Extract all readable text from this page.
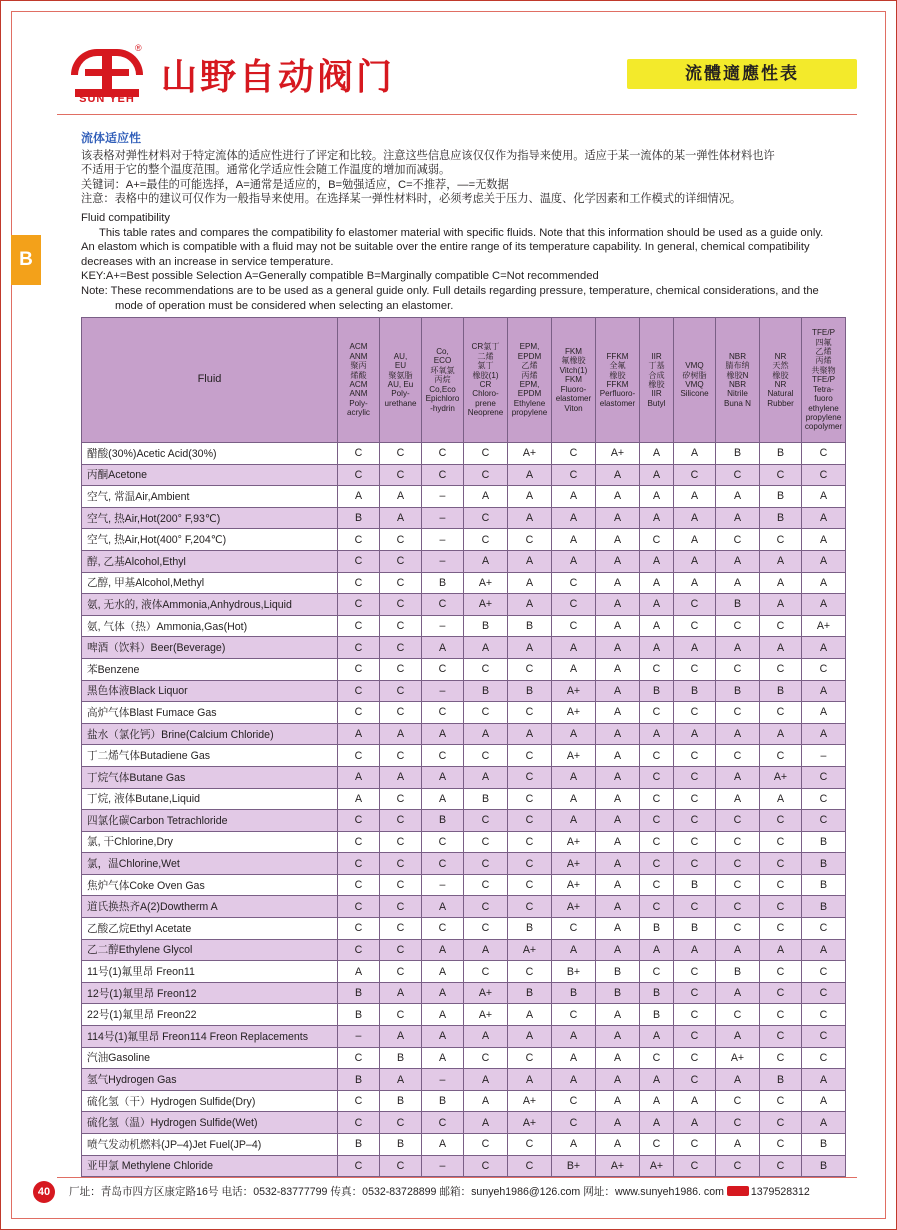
®
SUN YEH
山野自动阀门	流體適應性表
B
流体适应性

该表格对弹性材料对于特定流体的适应性进行了评定和比较。注意这些信息应该仅仅作为指导来使用。适应于某一流体的某一弹性体材料也许

不适用于它的整个温度范围。通常化学适应性会随工作温度的增加而减弱。

关键词：A+=最佳的可能选择，A=通常是适应的，B=勉强适应，C=不推荐，—=无数据

注意：表格中的建议可仅作为一般指导来使用。在选择某一弹性材料时，必须考虑关于压力、温度、化学因素和工作模式的详细情况。

Fluid compatibility

This table rates and compares the compatibility fo elastomer material with specific fluids. Note that this information should be used as a guide only.

An elastom which is compatible with a fluid may not be suitable over the entire range of its temperature capability. In general, chemical compatibility

decreases with an increase in service temperature.

KEY:A+=Best possible Selection A=Generally compatible B=Marginally compatible C=Not recommended

Note: These recommendations are to be used as a general guide only. Full details regarding pressure, temperature, chemical considerations, and the

mode of operation must be considered when selecting an elastomer.

Fluid	ACM
ANM
聚丙
烯酸
ACM
ANM
Poly-
acrylic	AU,
EU
聚氨脂
AU, Eu
Poly-
urethane	Co,
ECO
环氧氯
丙烷
Co,Eco
Epichloro
-hydrin	CR氯丁
二烯
氯丁
橡胶(1)
CR
Chloro-
prene
Neoprene	EPM,
EPDM
乙烯
丙烯
EPM,
EPDM
Ethylene
propylene	FKM
氟橡胶
Vitch(1)
FKM
Fluoro-
elastomer
Viton	FFKM
全氟
橡胶
FFKM
Perfluoro-
elastomer	IIR
丁基
合成
橡胶
IIR
Butyl	VMQ
矽树脂
VMQ
Silicone	NBR
腈布纳
橡胶N
NBR
Nitrile
Buna N	NR
天然
橡胶
NR
Natural
Rubber	TFE/P
四氟
乙烯
丙烯
共聚物
TFE/P
Tetra-
fuoro
ethylene
propylene
copolymer
醋酸(30%)Acetic Acid(30%)	C	C	C	C	A+	C	A+	A	A	B	B	C
丙酮Acetone	C	C	C	C	A	C	A	A	C	C	C	C
空气, 常温Air,Ambient	A	A	–	A	A	A	A	A	A	A	B	A
空气, 热Air,Hot(200° F,93℃)	B	A	–	C	A	A	A	A	A	A	B	A
空气, 热Air,Hot(400° F,204℃)	C	C	–	C	C	A	A	C	A	C	C	A
醇, 乙基Alcohol,Ethyl	C	C	–	A	A	A	A	A	A	A	A	A
乙醇, 甲基Alcohol,Methyl	C	C	B	A+	A	C	A	A	A	A	A	A
氨, 无水的, 液体Ammonia,Anhydrous,Liquid	C	C	C	A+	A	C	A	A	C	B	A	A
氨, 气体（热）Ammonia,Gas(Hot)	C	C	–	B	B	C	A	A	C	C	C	A+
啤酒（饮料）Beer(Beverage)	C	C	A	A	A	A	A	A	A	A	A	A
苯Benzene	C	C	C	C	C	A	A	C	C	C	C	C
黑色体液Black Liquor	C	C	–	B	B	A+	A	B	B	B	B	A
高炉气体Blast Fumace Gas	C	C	C	C	C	A+	A	C	C	C	C	A
盐水（氯化钙）Brine(Calcium Chloride)	A	A	A	A	A	A	A	A	A	A	A	A
丁二烯气体Butadiene Gas	C	C	C	C	C	A+	A	C	C	C	C	–
丁烷气体Butane Gas	A	A	A	A	C	A	A	C	C	A	A+	C
丁烷, 液体Butane,Liquid	A	C	A	B	C	A	A	C	C	A	A	C
四氯化碳Carbon Tetrachloride	C	C	B	C	C	A	A	C	C	C	C	C
氯, 干Chlorine,Dry	C	C	C	C	C	A+	A	C	C	C	C	B
氯，温Chlorine,Wet	C	C	C	C	C	A+	A	C	C	C	C	B
焦炉气体Coke Oven Gas	C	C	–	C	C	A+	A	C	B	C	C	B
道氏换热齐A(2)Dowtherm A	C	C	A	C	C	A+	A	C	C	C	C	B
乙酸乙烷Ethyl Acetate	C	C	C	C	B	C	A	B	B	C	C	C
乙二醇Ethylene Glycol	C	C	A	A	A+	A	A	A	A	A	A	A
11号(1)氟里昂 Freon11	A	C	A	C	C	B+	B	C	C	B	C	C
12号(1)氟里昂 Freon12	B	A	A	A+	B	B	B	B	C	A	C	C
22号(1)氟里昂 Freon22	B	C	A	A+	A	C	A	B	C	C	C	C
114号(1)氟里昂 Freon114 Freon Replacements	–	A	A	A	A	A	A	A	C	A	C	C
汽油Gasoline	C	B	A	C	C	A	A	C	C	A+	C	C
氢气Hydrogen Gas	B	A	–	A	A	A	A	A	C	A	B	A
硫化氢（干）Hydrogen Sulfide(Dry)	C	B	B	A	A+	C	A	A	A	C	C	A
硫化氢（温）Hydrogen Sulfide(Wet)	C	C	C	A	A+	C	A	A	A	C	C	A
喷气发动机燃料(JP–4)Jet Fuel(JP–4)	B	B	A	C	C	A	A	C	C	A	C	B
亚甲氯 Methylene Chloride	C	C	–	C	C	B+	A+	A+	C	C	C	B
40	厂址：青岛市四方区康定路16号 电话：0532-83777799 传真：0532-83728899 邮箱：sunyeh1986@126.com 网址：www.sunyeh1986. com	1379528312
